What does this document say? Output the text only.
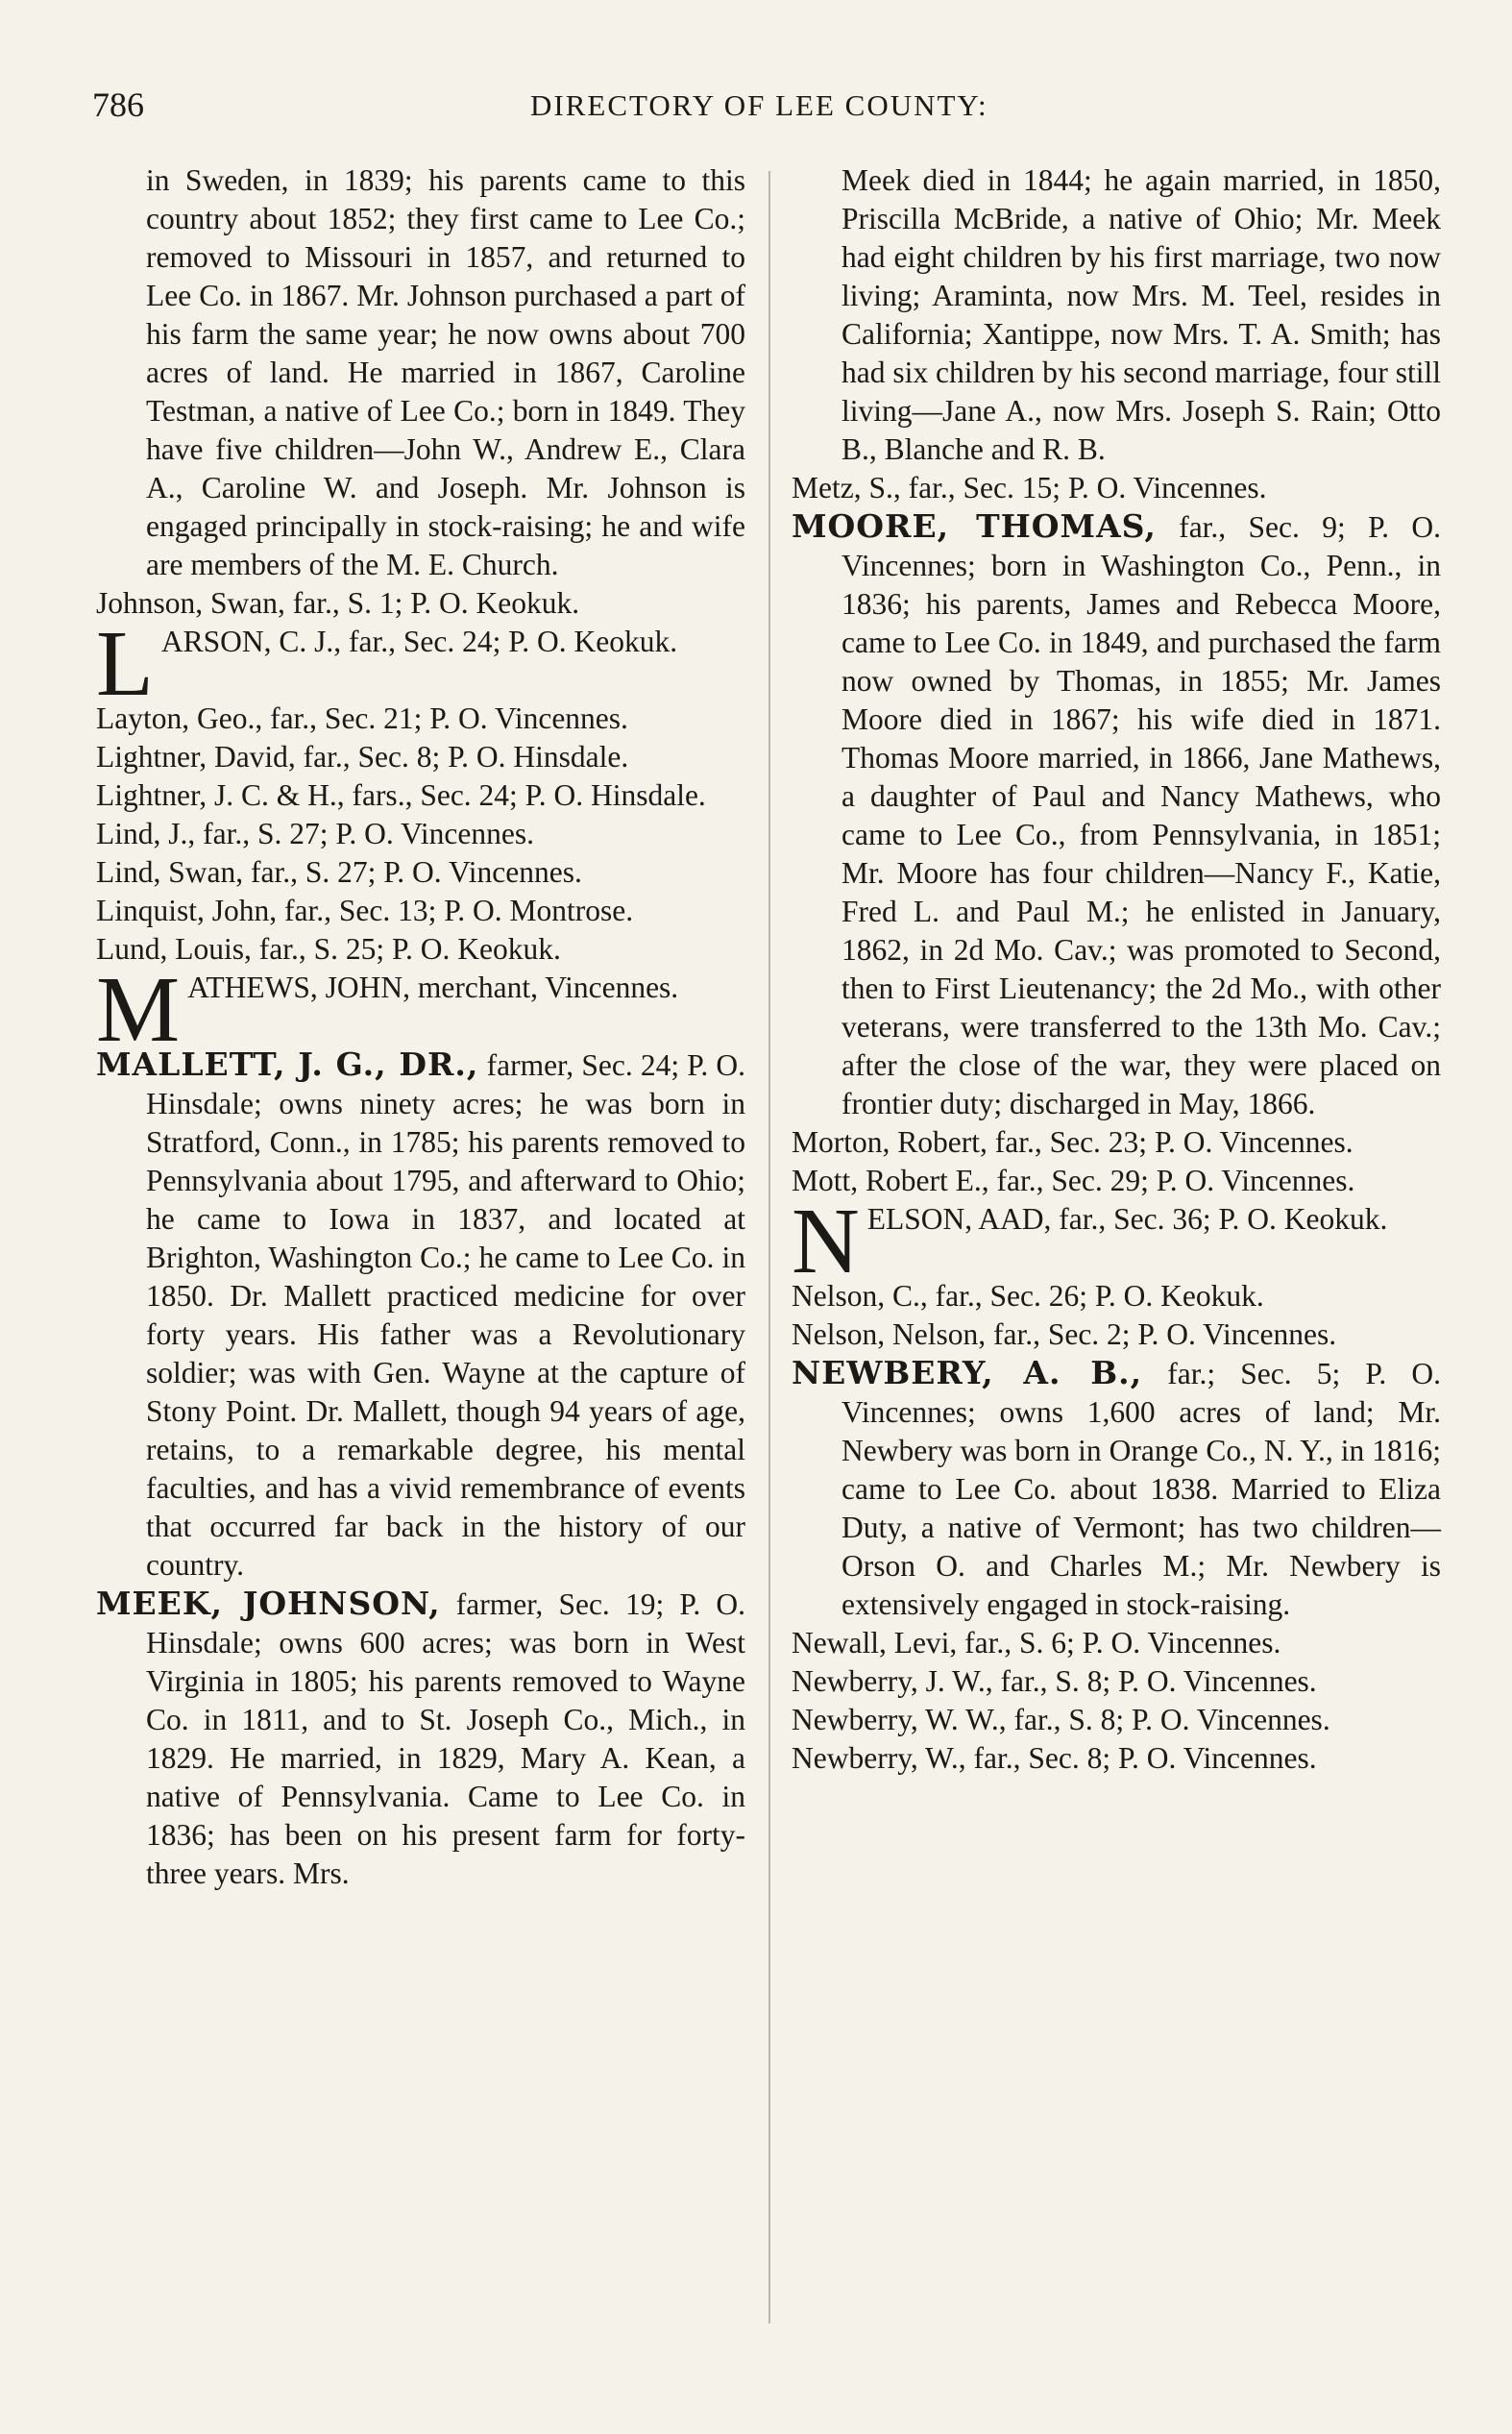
786	DIRECTORY OF LEE COUNTY:

in Sweden, in 1839; his parents came to this country about 1852; they first came to Lee Co.; removed to Missouri in 1857, and returned to Lee Co. in 1867. Mr. Johnson purchased a part of his farm the same year; he now owns about 700 acres of land. He married in 1867, Caroline Testman, a native of Lee Co.; born in 1849. They have five children—John W., Andrew E., Clara A., Caroline W. and Joseph. Mr. Johnson is engaged principally in stock-raising; he and wife are members of the M. E. Church.

Johnson, Swan, far., S. 1; P. O. Keokuk.

L ARSON, C. J., far., Sec. 24; P. O. Keokuk.

Layton, Geo., far., Sec. 21; P. O. Vincennes.

Lightner, David, far., Sec. 8; P. O. Hinsdale.

Lightner, J. C. & H., fars., Sec. 24; P. O. Hinsdale.

Lind, J., far., S. 27; P. O. Vincennes.

Lind, Swan, far., S. 27; P. O. Vincennes.

Linquist, John, far., Sec. 13; P. O. Montrose.

Lund, Louis, far., S. 25; P. O. Keokuk.

M ATHEWS, JOHN, merchant, Vincennes.

MALLETT, J. G., DR., farmer, Sec. 24; P. O. Hinsdale; owns ninety acres; he was born in Stratford, Conn., in 1785; his parents removed to Pennsylvania about 1795, and afterward to Ohio; he came to Iowa in 1837, and located at Brighton, Washington Co.; he came to Lee Co. in 1850. Dr. Mallett practiced medicine for over forty years. His father was a Revolutionary soldier; was with Gen. Wayne at the capture of Stony Point. Dr. Mallett, though 94 years of age, retains, to a remarkable degree, his mental faculties, and has a vivid remembrance of events that occurred far back in the history of our country.

MEEK, JOHNSON, farmer, Sec. 19; P. O. Hinsdale; owns 600 acres; was born in West Virginia in 1805; his parents removed to Wayne Co. in 1811, and to St. Joseph Co., Mich., in 1829. He married, in 1829, Mary A. Kean, a native of Pennsylvania. Came to Lee Co. in 1836; has been on his present farm for forty-three years. Mrs.

Meek died in 1844; he again married, in 1850, Priscilla McBride, a native of Ohio; Mr. Meek had eight children by his first marriage, two now living; Araminta, now Mrs. M. Teel, resides in California; Xantippe, now Mrs. T. A. Smith; has had six children by his second marriage, four still living—Jane A., now Mrs. Joseph S. Rain; Otto B., Blanche and R. B.

Metz, S., far., Sec. 15; P. O. Vincennes.

MOORE, THOMAS, far., Sec. 9; P. O. Vincennes; born in Washington Co., Penn., in 1836; his parents, James and Rebecca Moore, came to Lee Co. in 1849, and purchased the farm now owned by Thomas, in 1855; Mr. James Moore died in 1867; his wife died in 1871. Thomas Moore married, in 1866, Jane Mathews, a daughter of Paul and Nancy Mathews, who came to Lee Co., from Pennsylvania, in 1851; Mr. Moore has four children—Nancy F., Katie, Fred L. and Paul M.; he enlisted in January, 1862, in 2d Mo. Cav.; was promoted to Second, then to First Lieutenancy; the 2d Mo., with other veterans, were transferred to the 13th Mo. Cav.; after the close of the war, they were placed on frontier duty; discharged in May, 1866.

Morton, Robert, far., Sec. 23; P. O. Vincennes.

Mott, Robert E., far., Sec. 29; P. O. Vincennes.

N ELSON, AAD, far., Sec. 36; P. O. Keokuk.

Nelson, C., far., Sec. 26; P. O. Keokuk.

Nelson, Nelson, far., Sec. 2; P. O. Vincennes.

NEWBERY, A. B., far.; Sec. 5; P. O. Vincennes; owns 1,600 acres of land; Mr. Newbery was born in Orange Co., N. Y., in 1816; came to Lee Co. about 1838. Married to Eliza Duty, a native of Vermont; has two children—Orson O. and Charles M.; Mr. Newbery is extensively engaged in stock-raising.

Newall, Levi, far., S. 6; P. O. Vincennes.

Newberry, J. W., far., S. 8; P. O. Vincennes.

Newberry, W. W., far., S. 8; P. O. Vincennes.

Newberry, W., far., Sec. 8; P. O. Vincennes.
